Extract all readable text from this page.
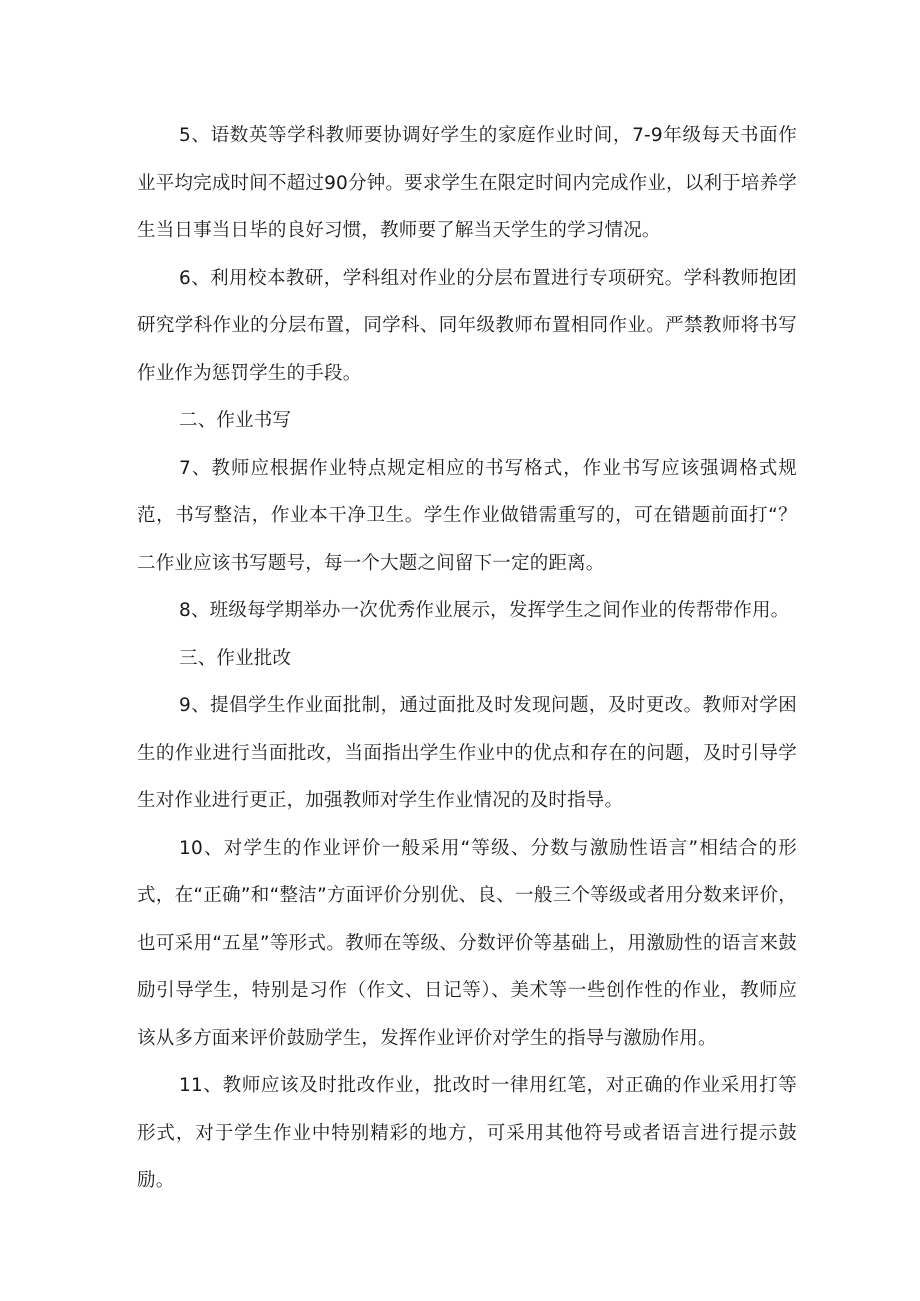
5、语数英等学科教师要协调好学生的家庭作业时间，7-9年级每天书面作业平均完成时间不超过90分钟。要求学生在限定时间内完成作业，以利于培养学生当日事当日毕的良好习惯，教师要了解当天学生的学习情况。

6、利用校本教研，学科组对作业的分层布置进行专项研究。学科教师抱团研究学科作业的分层布置，同学科、同年级教师布置相同作业。严禁教师将书写作业作为惩罚学生的手段。

二、作业书写

7、教师应根据作业特点规定相应的书写格式，作业书写应该强调格式规范，书写整洁，作业本干净卫生。学生作业做错需重写的，可在错题前面打“？二作业应该书写题号，每一个大题之间留下一定的距离。

8、班级每学期举办一次优秀作业展示，发挥学生之间作业的传帮带作用。

三、作业批改

9、提倡学生作业面批制，通过面批及时发现问题，及时更改。教师对学困生的作业进行当面批改，当面指出学生作业中的优点和存在的问题，及时引导学生对作业进行更正，加强教师对学生作业情况的及时指导。

10、对学生的作业评价一般采用“等级、分数与激励性语言”相结合的形式，在“正确”和“整洁”方面评价分别优、良、一般三个等级或者用分数来评价，也可采用“五星”等形式。教师在等级、分数评价等基础上，用激励性的语言来鼓励引导学生，特别是习作（作文、日记等）、美术等一些创作性的作业，教师应该从多方面来评价鼓励学生，发挥作业评价对学生的指导与激励作用。

11、教师应该及时批改作业，批改时一律用红笔，对正确的作业采用打等形式，对于学生作业中特别精彩的地方，可采用其他符号或者语言进行提示鼓励。
